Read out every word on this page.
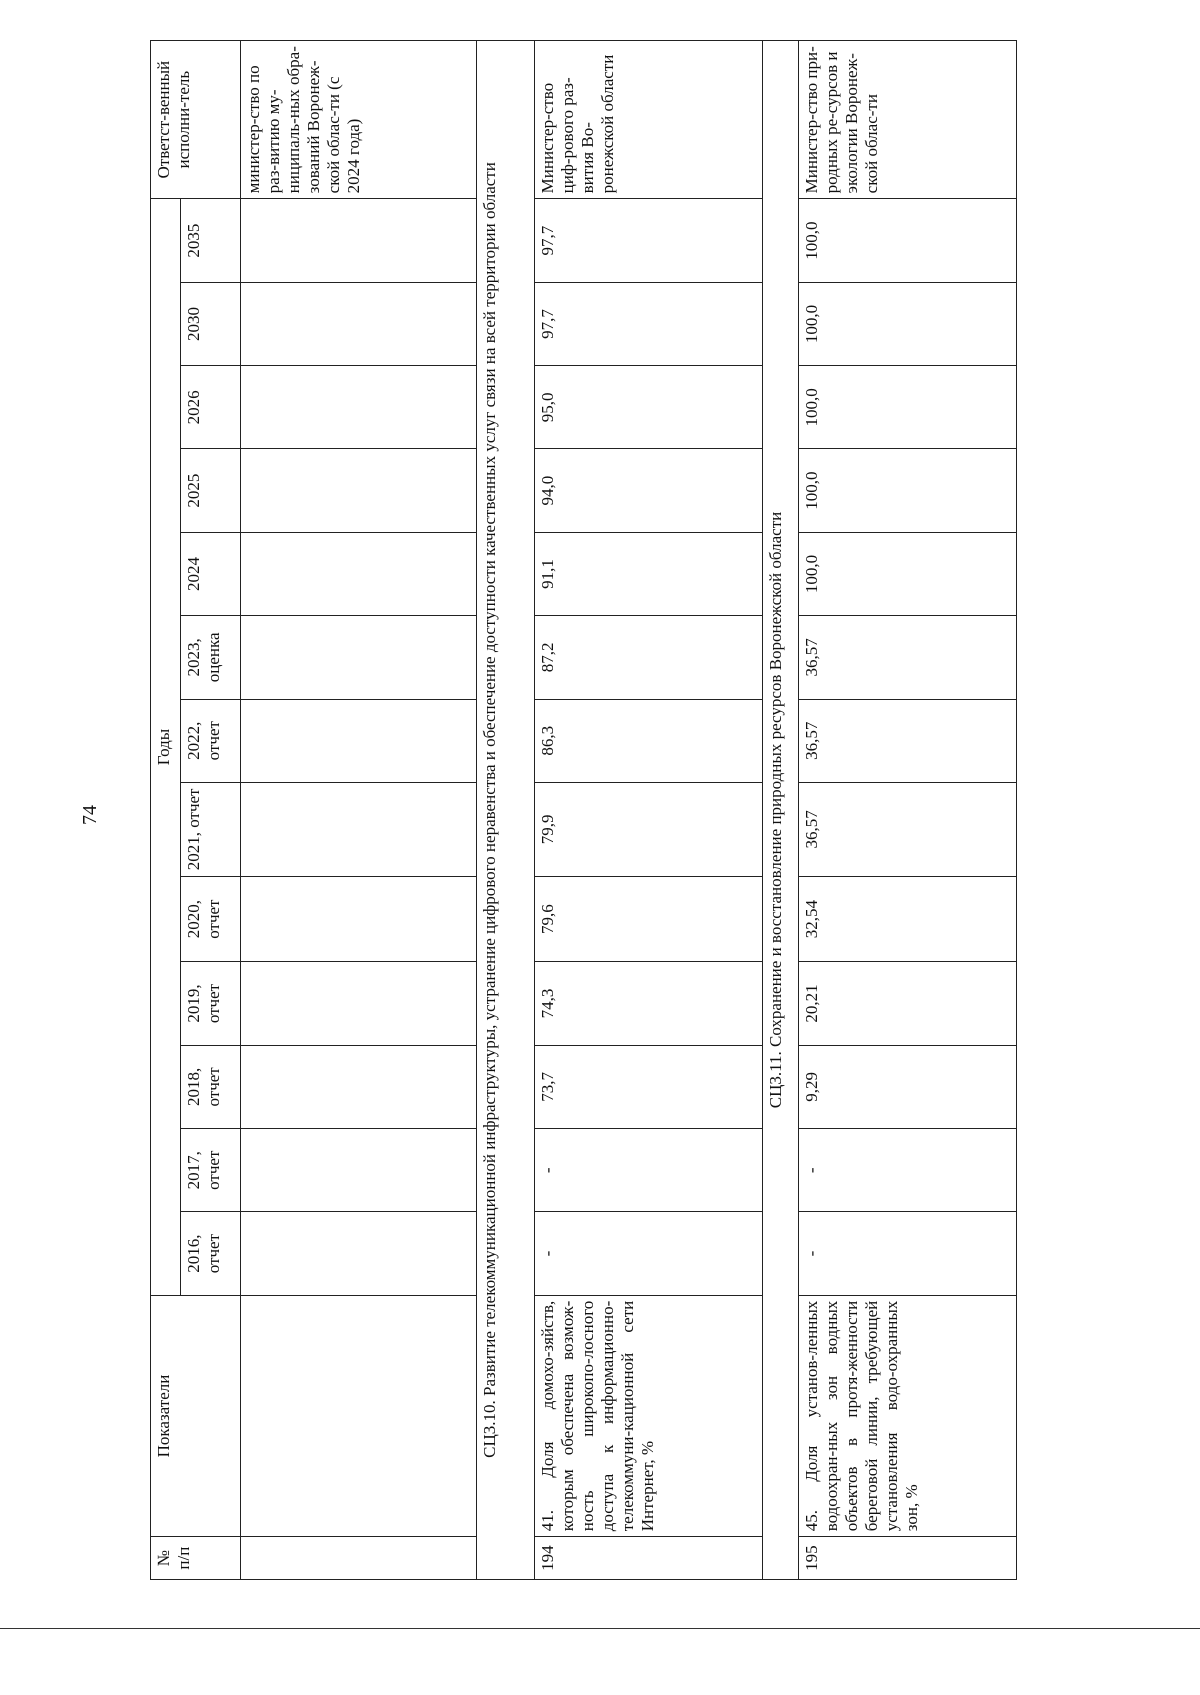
74
№ п/п	Показатели	Годы													Ответст-венный исполни-тель
		2016, отчет	2017, отчет	2018, отчет	2019, отчет	2020, отчет	2021, отчет	2022, отчет	2023, оценка	2024	2025	2026	2030	2035	
															министер-ство по раз-витию му-ниципаль-ных обра-зований Воронеж-ской облас-ти (с 2024 года)
СЦ3.10. Развитие телекоммуникационной инфраструктуры, устранение цифрового неравенства и обеспечение доступности качественных услуг связи на всей территории области															
194	41. Доля домохо-зяйств, которым обеспечена возмож-ность широкопо-лосного доступа к информационно-телекоммуни-кационной сети Интернет, %	-	-	73,7	74,3	79,6	79,9	86,3	87,2	91,1	94,0	95,0	97,7	97,7	Министер-ство циф-рового раз-вития Во-ронежской области
СЦ3.11. Сохранение и восстановление природных ресурсов Воронежской области															
195	45. Доля установ-ленных водоохран-ных зон водных объектов в протя-женности береговой линии, требующей установления водо-охранных зон, %	-	-	9,29	20,21	32,54	36,57	36,57	36,57	100,0	100,0	100,0	100,0	100,0	Министер-ство при-родных ре-сурсов и экологии Воронеж-ской облас-ти
